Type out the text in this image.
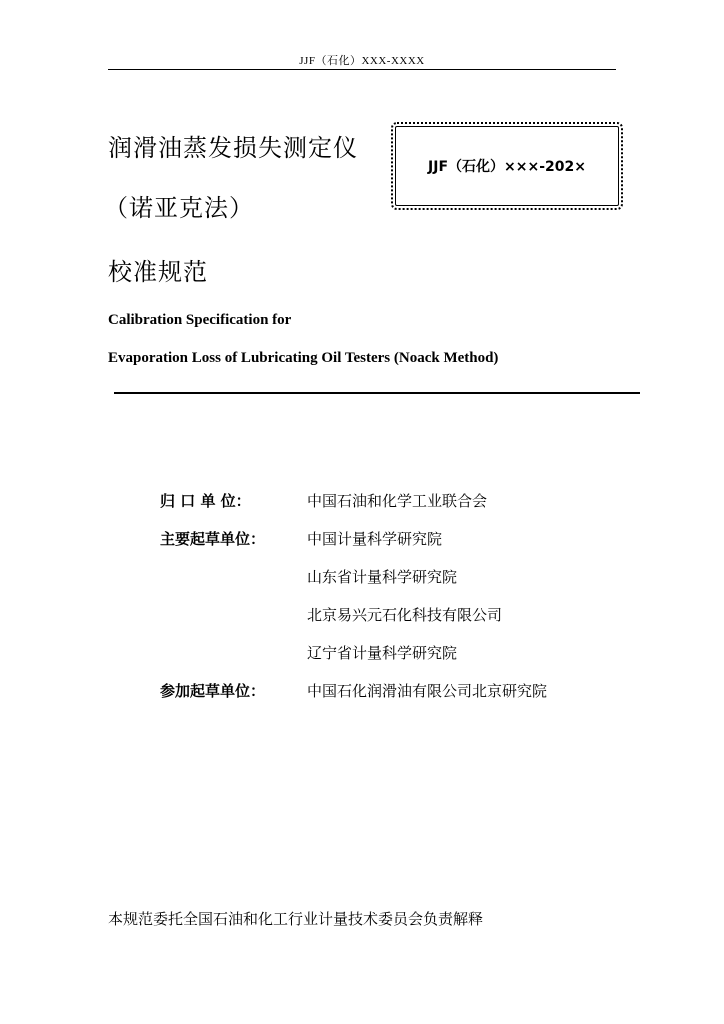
JJF（石化）XXX-XXXX
润滑油蒸发损失测定仪
（诺亚克法）
校准规范
JJF（石化）×××-202×
Calibration Specification for
Evaporation Loss of Lubricating Oil Testers (Noack Method)
归 口 单 位：	中国石油和化学工业联合会
主要起草单位：	中国计量科学研究院
山东省计量科学研究院
北京易兴元石化科技有限公司
辽宁省计量科学研究院
参加起草单位：	中国石化润滑油有限公司北京研究院
本规范委托全国石油和化工行业计量技术委员会负责解释
